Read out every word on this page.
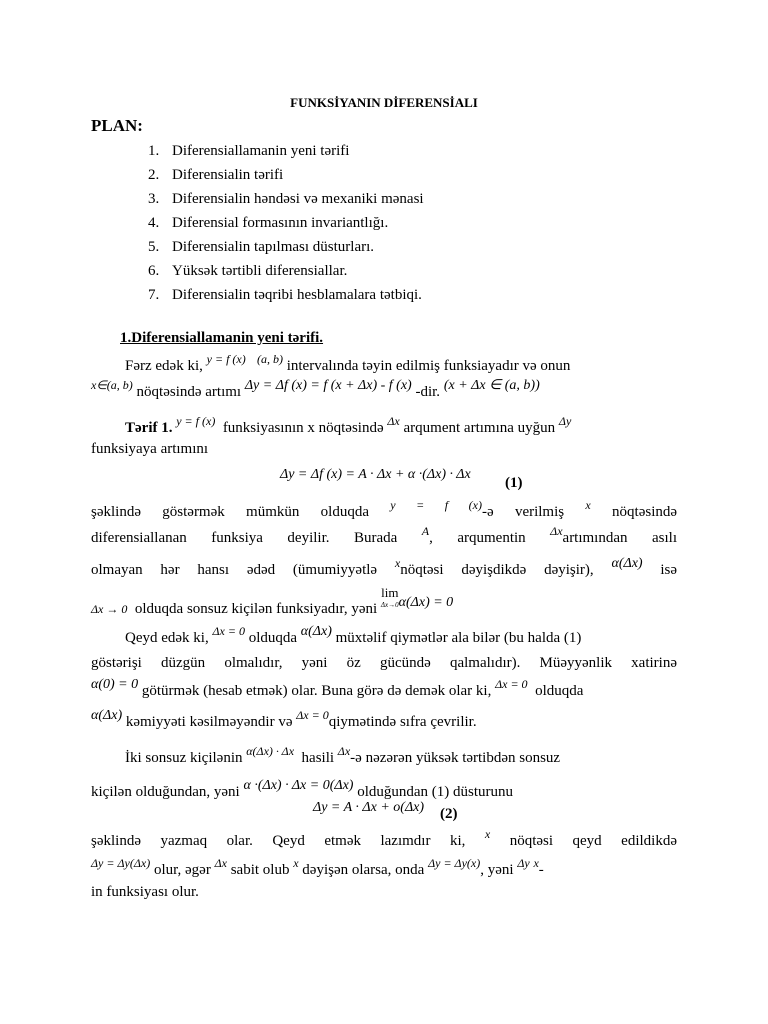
FUNKSİYANIN DİFERENSİALI
PLAN:
1. Diferensiallamanin yeni tərifi
2. Diferensialin tərifi
3. Diferensialin həndəsi və mexaniki mənasi
4. Diferensial formasının invariantlığı.
5. Diferensialin tapılması düsturları.
6. Yüksək tərtibli diferensiallar.
7. Diferensialin təqribi hesblamalara tətbiqi.
1.Diferensiallamanin yeni tərifi.
Fərz edək ki, $^{y = f (x)}$ $^{(a, b)}$ intervalında təyin edilmiş funksiayadır və onun
$^{x\in(a, b)}$ nöqtəsində artımı Δy = Δf (x) = f (x + Δx) - f (x) -dir. (x + Δx ∈ (a, b))
Tərif 1. $^{y = f (x)}$ funksiyasının x nöqtəsində $^{\Delta x}$ arqument artımına uyğun $^{\Delta y}$
funksiyaya artımını
Δy = Δf (x) = A · Δx + α ·(Δx) · Δx
(1)
şəklində göstərmək mümkün olduqda $^{y = f (x)}$-ə verilmiş $^x$ nöqtəsində
diferensiallanan funksiya deyilir. Burada $^A$, arqumentin $^{\Delta x}$artımından asılı
olmayan hər hansı ədəd (ümumiyyətlə $^x$nöqtəsi dəyişdikdə dəyişir), α(Δx) isə
Δx → 0 olduqda sonsuz kiçilən funksiyadır, yəni lim
Δx→0α(Δx) = 0
Qeyd edək ki, $^{\Delta x = 0}$ olduqda α(Δx) müxtəlif qiymətlər ala bilər (bu halda (1)
göstərişi düzgün olmalıdır, yəni öz gücündə qalmalıdır). Müəyyənlik xatirinə
α(0) = 0 götürmək (hesab etmək) olar. Buna görə də demək olar ki, $^{\Delta x = 0}$ olduqda
α(Δx) kəmiyyəti kəsilməyəndir və $^{\Delta x = 0}$qiymətində sıfra çevrilir.
İki sonsuz kiçilənin $^{\alpha(\Delta x) \cdot \Delta x}$ hasili $^{\Delta x}$-ə nəzərən yüksək tərtibdən sonsuz
kiçilən olduğundan, yəni α ·(Δx) · Δx = 0(Δx) olduğundan (1) düsturunu
Δy = A · Δx + o(Δx) (2)
şəklində yazmaq olar. Qeyd etmək lazımdır ki, $^x$ nöqtəsi qeyd edildikdə
$^{\Delta y = \Delta y(\Delta x)}$ olur, əgər $^{\Delta x}$ sabit olub $^x$ dəyişən olarsa, onda $^{\Delta y = \Delta y(x)}$, yəni $^{\Delta y}$ $^x$-
in funksiyası olur.
